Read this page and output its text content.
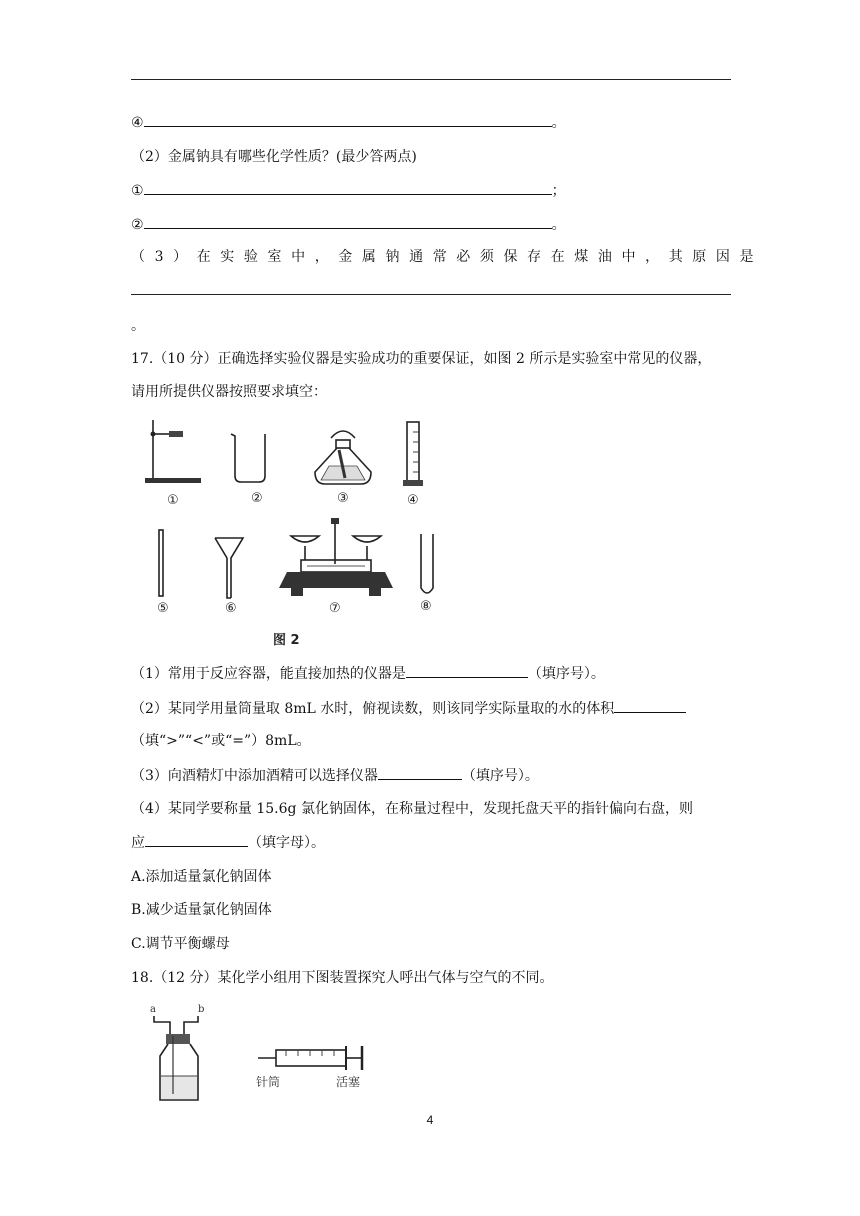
④	。
（2）金属钠具有哪些化学性质？(最少答两点)
①	；
②	。
（3）在实验室中，金属钠通常必须保存在煤油中，其原因是
。
17.（10 分）正确选择实验仪器是实验成功的重要保证，如图 2 所示是实验室中常见的仪器，
请用所提供仪器按照要求填空：
①	②	③	④
⑤	⑥	⑦	⑧
图 2
（1）常用于反应容器，能直接加热的仪器是	（填序号）。
（2）某同学用量筒量取 8mL 水时，俯视读数，则该同学实际量取的水的体积
（填“>”“<”或“=”）8mL。
（3）向酒精灯中添加酒精可以选择仪器	（填序号）。
（4）某同学要称量 15.6g 氯化钠固体，在称量过程中，发现托盘天平的指针偏向右盘，则
应	（填字母）。
A.添加适量氯化钠固体
B.减少适量氯化钠固体
C.调节平衡螺母
18.（12 分）某化学小组用下图装置探究人呼出气体与空气的不同。
a	b
针筒	活塞
4
